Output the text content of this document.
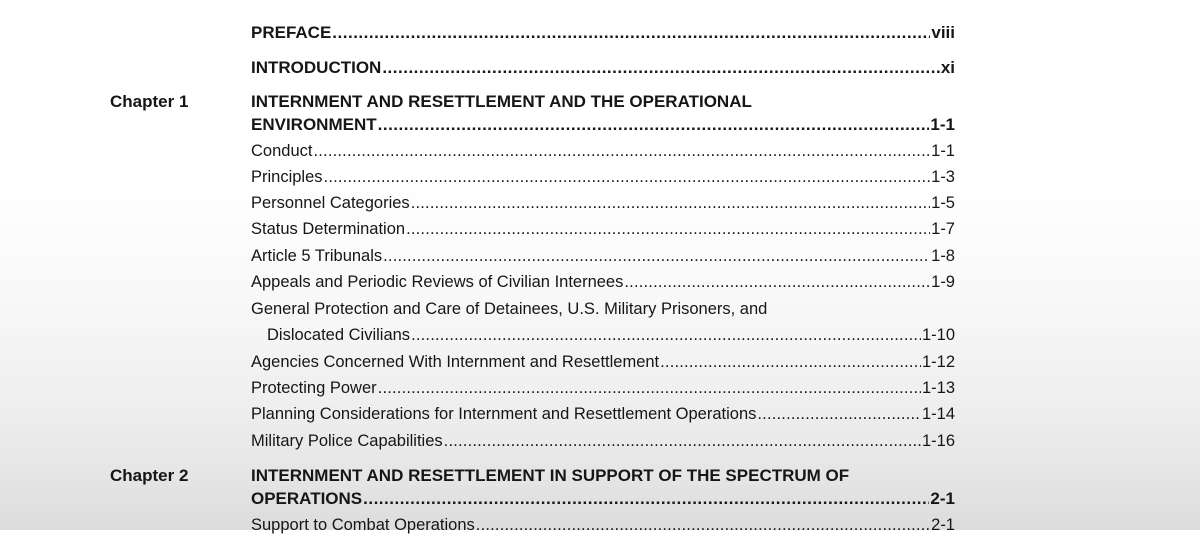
PREFACE .....	viii
INTRODUCTION .....	xi
Chapter 1	INTERNMENT AND RESETTLEMENT AND THE OPERATIONAL
ENVIRONMENT .....	1-1
Conduct .....	1-1
Principles .....	1-3
Personnel Categories .....	1-5
Status Determination .....	1-7
Article 5 Tribunals .....	1-8
Appeals and Periodic Reviews of Civilian Internees .....	1-9
General Protection and Care of Detainees, U.S. Military Prisoners, and
Dislocated Civilians .....	1-10
Agencies Concerned With Internment and Resettlement .....	1-12
Protecting Power .....	1-13
Planning Considerations for Internment and Resettlement Operations .....	1-14
Military Police Capabilities .....	1-16
Chapter 2	INTERNMENT AND RESETTLEMENT IN SUPPORT OF THE SPECTRUM OF
OPERATIONS .....	2-1
Support to Combat Operations .....	2-1
